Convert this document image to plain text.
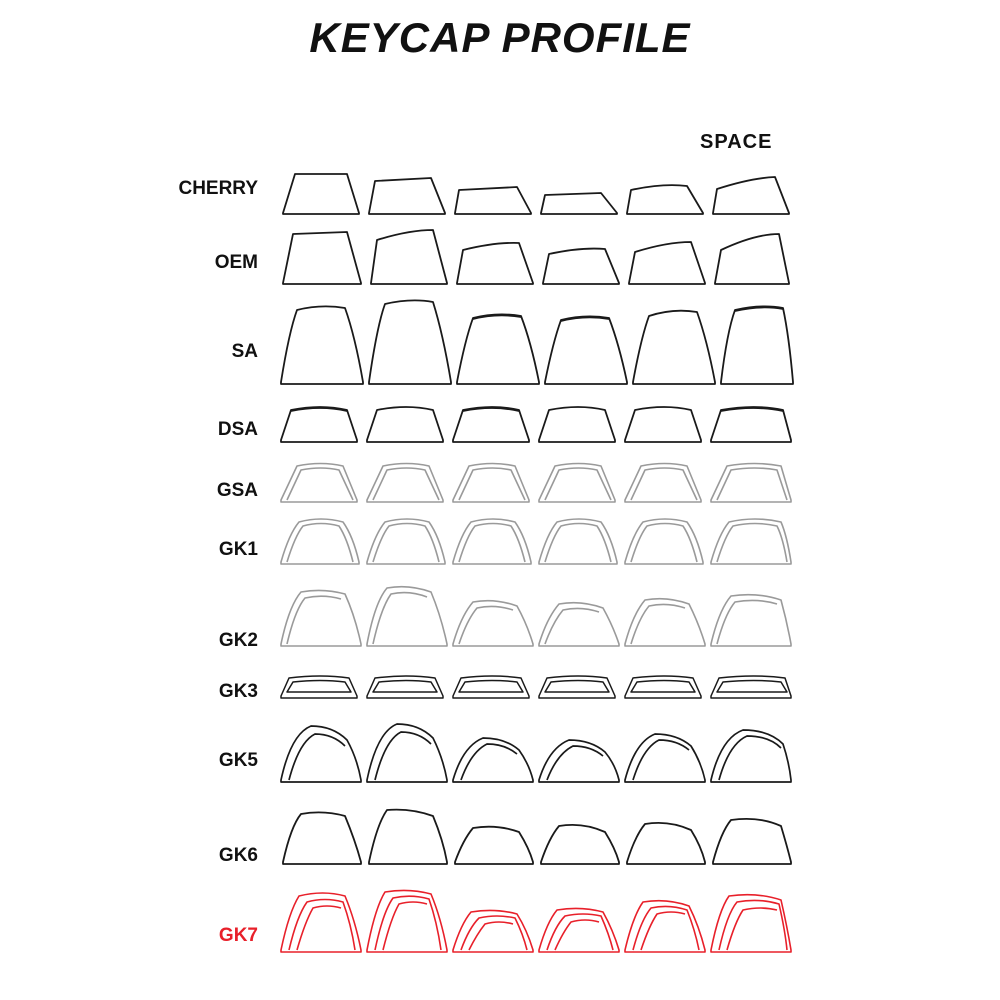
KEYCAP PROFILE
SPACE
CHERRY
OEM
SA
DSA
GSA
GK1
GK2
GK3
GK5
GK6
GK7
